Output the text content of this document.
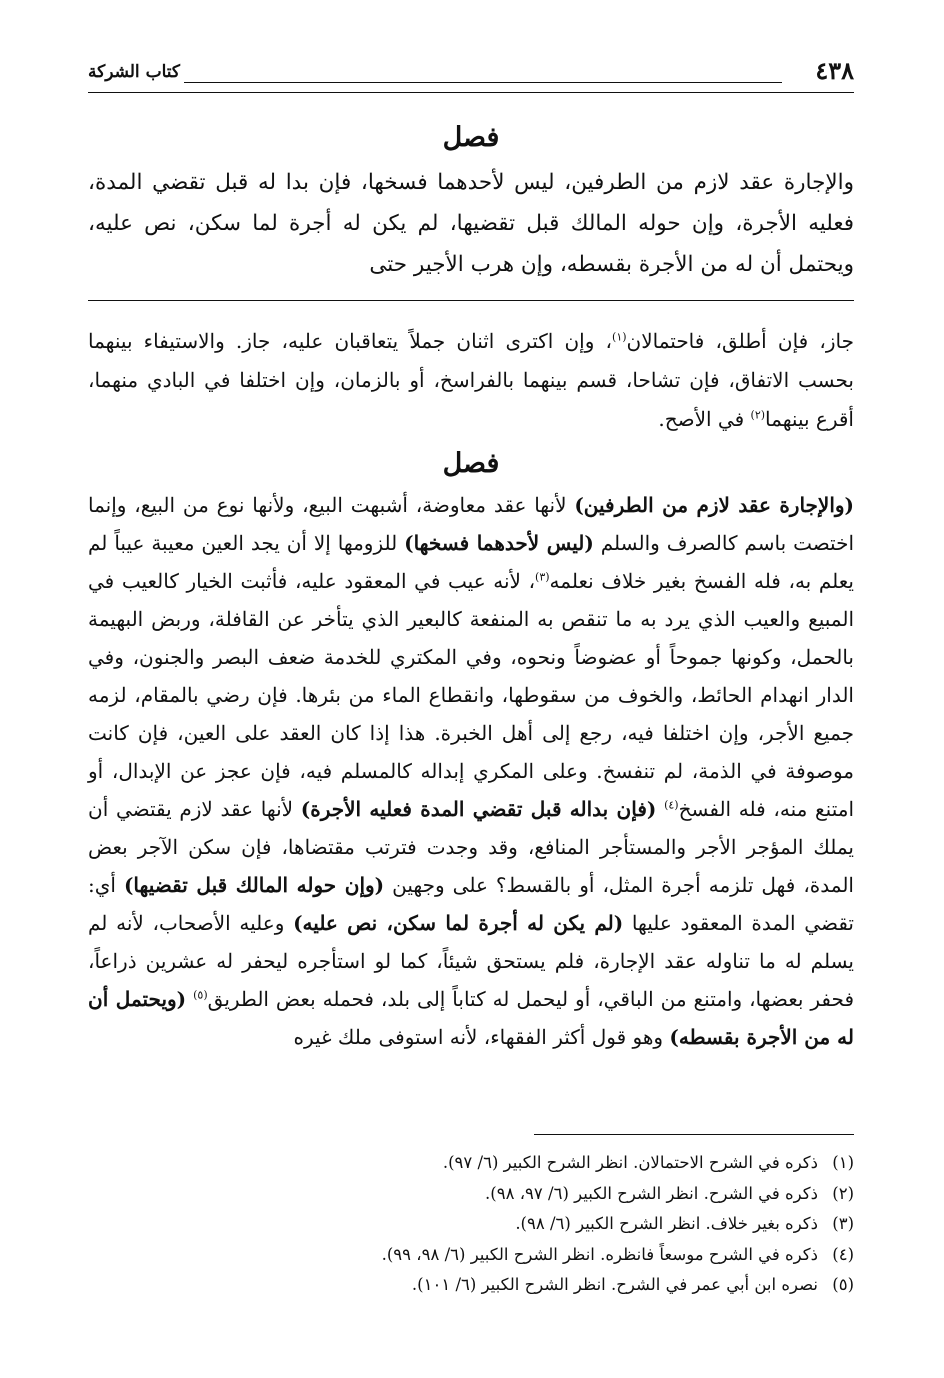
٤٣٨
كتاب الشركة
فصل

والإجارة عقد لازم من الطرفين، ليس لأحدهما فسخها، فإن بدا له قبل تقضي المدة، فعليه الأجرة، وإن حوله المالك قبل تقضيها، لم يكن له أجرة لما سكن، نص عليه، ويحتمل أن له من الأجرة بقسطه، وإن هرب الأجير حتى

جاز، فإن أطلق، فاحتمالان$^{(١)}$، وإن اكترى اثنان جملاً يتعاقبان عليه، جاز. والاستيفاء بينهما بحسب الاتفاق، فإن تشاحا، قسم بينهما بالفراسخ، أو بالزمان، وإن اختلفا في البادي منهما، أقرع بينهما$^{(٢)}$ في الأصح.

فصل

(والإجارة عقد لازم من الطرفين) لأنها عقد معاوضة، أشبهت البيع، ولأنها نوع من البيع، وإنما اختصت باسم كالصرف والسلم (ليس لأحدهما فسخها) للزومها إلا أن يجد العين معيبة عيباً لم يعلم به، فله الفسخ بغير خلاف نعلمه$^{(٣)}$، لأنه عيب في المعقود عليه، فأثبت الخيار كالعيب في المبيع والعيب الذي يرد به ما تنقص به المنفعة كالبعير الذي يتأخر عن القافلة، وربض البهيمة بالحمل، وكونها جموحاً أو عضوضاً ونحوه، وفي المكتري للخدمة ضعف البصر والجنون، وفي الدار انهدام الحائط، والخوف من سقوطها، وانقطاع الماء من بئرها. فإن رضي بالمقام، لزمه جميع الأجر، وإن اختلفا فيه، رجع إلى أهل الخبرة. هذا إذا كان العقد على العين، فإن كانت موصوفة في الذمة، لم تنفسخ. وعلى المكري إبداله كالمسلم فيه، فإن عجز عن الإبدال، أو امتنع منه، فله الفسخ$^{(٤)}$ (فإن بداله قبل تقضي المدة فعليه الأجرة) لأنها عقد لازم يقتضي أن يملك المؤجر الأجر والمستأجر المنافع، وقد وجدت فترتب مقتضاها، فإن سكن الآجر بعض المدة، فهل تلزمه أجرة المثل، أو بالقسط؟ على وجهين (وإن حوله المالك قبل تقضيها) أي: تقضي المدة المعقود عليها (لم يكن له أجرة لما سكن، نص عليه) وعليه الأصحاب، لأنه لم يسلم له ما تناوله عقد الإجارة، فلم يستحق شيئاً، كما لو استأجره ليحفر له عشرين ذراعاً، فحفر بعضها، وامتنع من الباقي، أو ليحمل له كتاباً إلى بلد، فحمله بعض الطريق$^{(٥)}$ (ويحتمل أن له من الأجرة بقسطه) وهو قول أكثر الفقهاء، لأنه استوفى ملك غيره

(١)ذكره في الشرح الاحتمالان. انظر الشرح الكبير (٦/ ٩٧).
(٢)ذكره في الشرح. انظر الشرح الكبير (٦/ ٩٧، ٩٨).
(٣)ذكره بغير خلاف. انظر الشرح الكبير (٦/ ٩٨).
(٤)ذكره في الشرح موسعاً فانظره. انظر الشرح الكبير (٦/ ٩٨، ٩٩).
(٥)نصره ابن أبي عمر في الشرح. انظر الشرح الكبير (٦/ ١٠١).
